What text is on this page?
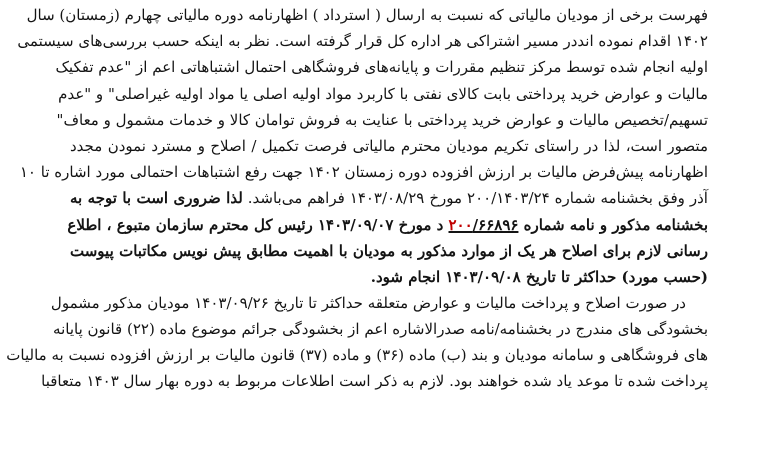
فهرست برخی از مودیان مالیاتی که نسبت به ارسال ( استرداد ) اظهارنامه دوره مالیاتی چهارم (زمستان) سال
۱۴۰۲ اقدام نموده انددر مسیر اشتراکی هر اداره کل قرار گرفته است. نظر به اینکه حسب بررسی‌های سیستمی
اولیه انجام شده توسط مرکز تنظیم مقررات و پایانه‌های فروشگاهی احتمال اشتباهاتی اعم از "عدم تفکیک
مالیات و عوارض خرید پرداختی بابت کالای نفتی با کاربرد مواد اولیه اصلی یا مواد اولیه غیراصلی" و "عدم
تسهیم/تخصیص مالیات و عوارض خرید پرداختی با عنایت به فروش توامان کالا و خدمات مشمول و معاف"
متصور است، لذا در راستای تکریم مودیان محترم مالیاتی فرصت تکمیل / اصلاح و مسترد نمودن مجدد
اظهارنامه پیش‌فرض مالیات بر ارزش افزوده دوره زمستان ۱۴۰۲ جهت رفع اشتباهات احتمالی مورد اشاره تا ۱۰
آذر وفق بخشنامه شماره ۲۰۰/۱۴۰۳/۲۴ مورخ ۱۴۰۳/۰۸/۲۹ فراهم می‌باشد. لذا ضروری است با توجه به
بخشنامه مذکور و نامه شماره ۲۰۰/۶۶۸۹۶ د مورخ ۱۴۰۳/۰۹/۰۷ رئیس کل محترم سازمان متبوع ، اطلاع
رسانی لازم برای اصلاح هر یک از موارد مذکور به مودیان با اهمیت مطابق پیش نویس مکاتبات پیوست
(حسب مورد) حداکثر تا تاریخ ۱۴۰۳/۰۹/۰۸ انجام شود.
در صورت اصلاح و پرداخت مالیات و عوارض متعلقه حداکثر تا تاریخ ۱۴۰۳/۰۹/۲۶ مودیان مذکور مشمول
بخشودگی های مندرج در بخشنامه/نامه صدرالاشاره اعم از بخشودگی جرائم موضوع ماده (۲۲) قانون پایانه
های فروشگاهی و سامانه مودیان و بند (ب) ماده (۳۶) و ماده (۳۷) قانون مالیات بر ارزش افزوده نسبت به مالیات
پرداخت شده تا موعد یاد شده خواهند بود. لازم به ذکر است اطلاعات مربوط به دوره بهار سال ۱۴۰۳ متعاقبا
